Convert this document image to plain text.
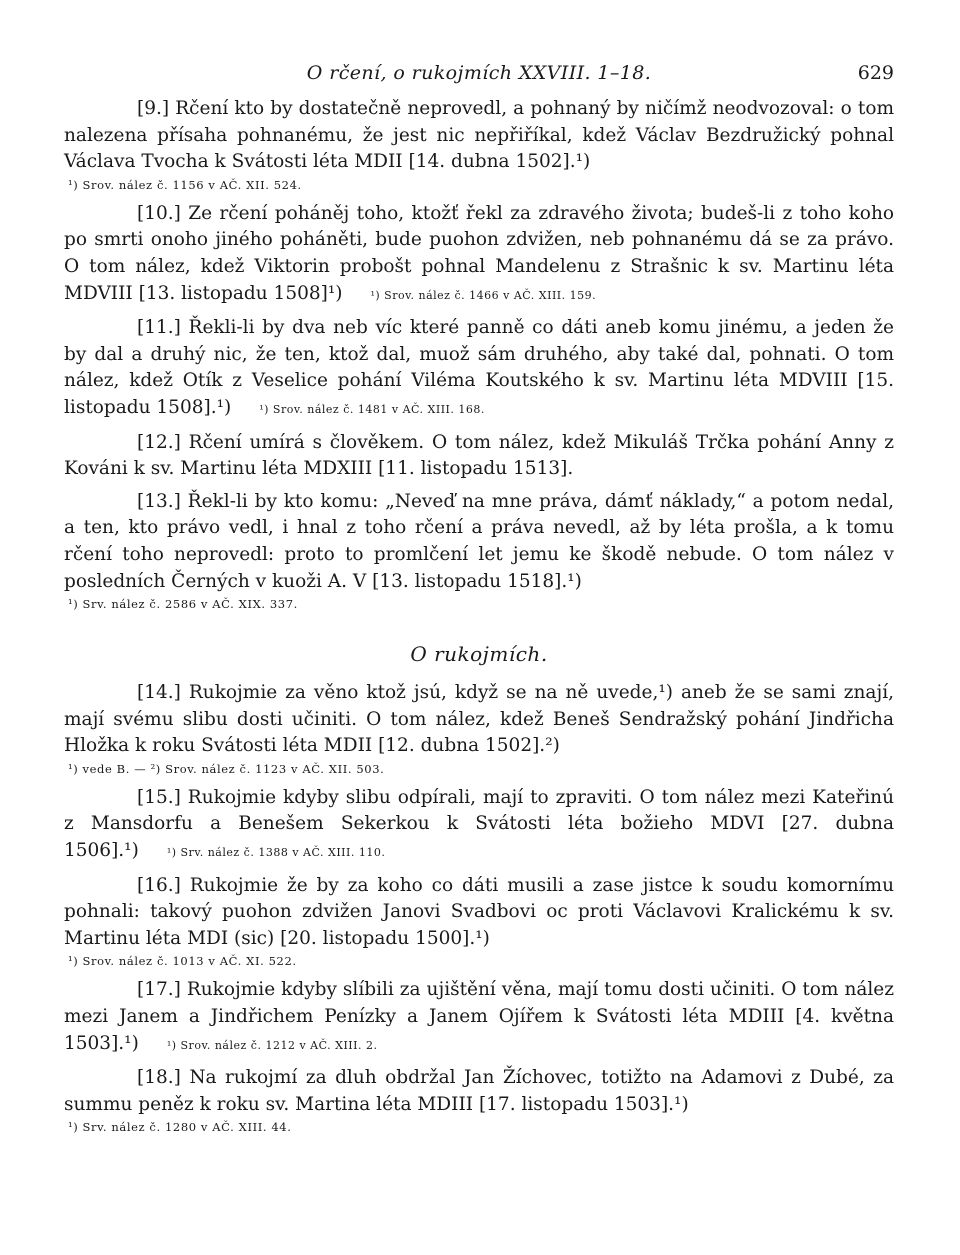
O rčení, o rukojmích XXVIII. 1–18.	629

[9.] Rčení kto by dostatečně neprovedl, a pohnaný by ničímž neodvozoval: o tom nalezena přísaha pohnanému, že jest nic nepřiříkal, kdež Václav Bezdružický pohnal Václava Tvocha k Svátosti léta MDII [14. dubna 1502].¹)

¹) Srov. nález č. 1156 v AČ. XII. 524.

[10.] Ze rčení poháněj toho, ktožť řekl za zdravého života; budeš-li z toho koho po smrti onoho jiného poháněti, bude puohon zdvižen, neb pohnanému dá se za právo. O tom nález, kdež Viktorin probošt pohnal Mandelenu z Strašnic k sv. Martinu léta MDVIII [13. listopadu 1508]¹)	¹) Srov. nález č. 1466 v AČ. XIII. 159.

[11.] Řekli-li by dva neb víc které panně co dáti aneb komu jinému, a jeden že by dal a druhý nic, že ten, ktož dal, muož sám druhého, aby také dal, pohnati. O tom nález, kdež Otík z Veselice pohání Viléma Koutského k sv. Martinu léta MDVIII [15. listopadu 1508].¹)	¹) Srov. nález č. 1481 v AČ. XIII. 168.

[12.] Rčení umírá s člověkem. O tom nález, kdež Mikuláš Trčka pohání Anny z Kováni k sv. Martinu léta MDXIII [11. listopadu 1513].

[13.] Řekl-li by kto komu: „Neveď na mne práva, dámť náklady,“ a potom nedal, a ten, kto právo vedl, i hnal z toho rčení a práva nevedl, až by léta prošla, a k tomu rčení toho neprovedl: proto to promlčení let jemu ke škodě nebude. O tom nález v posledních Černých v kuoži A. V [13. listopadu 1518].¹)

¹) Srv. nález č. 2586 v AČ. XIX. 337.
O rukojmích.

[14.] Rukojmie za věno ktož jsú, když se na ně uvede,¹) aneb že se sami znají, mají svému slibu dosti učiniti. O tom nález, kdež Beneš Sendražský pohání Jindřicha Hložka k roku Svátosti léta MDII [12. dubna 1502].²)

¹) vede B. — ²) Srov. nález č. 1123 v AČ. XII. 503.

[15.] Rukojmie kdyby slibu odpírali, mají to zpraviti. O tom nález mezi Kateřinú z Mansdorfu a Benešem Sekerkou k Svátosti léta božieho MDVI [27. dubna 1506].¹)	¹) Srv. nález č. 1388 v AČ. XIII. 110.

[16.] Rukojmie že by za koho co dáti musili a zase jistce k soudu komornímu pohnali: takový puohon zdvižen Janovi Svadbovi oc proti Václavovi Kralickému k sv. Martinu léta MDI (sic) [20. listopadu 1500].¹)

¹) Srov. nález č. 1013 v AČ. XI. 522.

[17.] Rukojmie kdyby slíbili za ujištění věna, mají tomu dosti učiniti. O tom nález mezi Janem a Jindřichem Penízky a Janem Ojířem k Svátosti léta MDIII [4. května 1503].¹)	¹) Srov. nález č. 1212 v AČ. XIII. 2.

[18.] Na rukojmí za dluh obdržal Jan Žíchovec, totižto na Adamovi z Dubé, za summu peněz k roku sv. Martina léta MDIII [17. listopadu 1503].¹)

¹) Srv. nález č. 1280 v AČ. XIII. 44.
